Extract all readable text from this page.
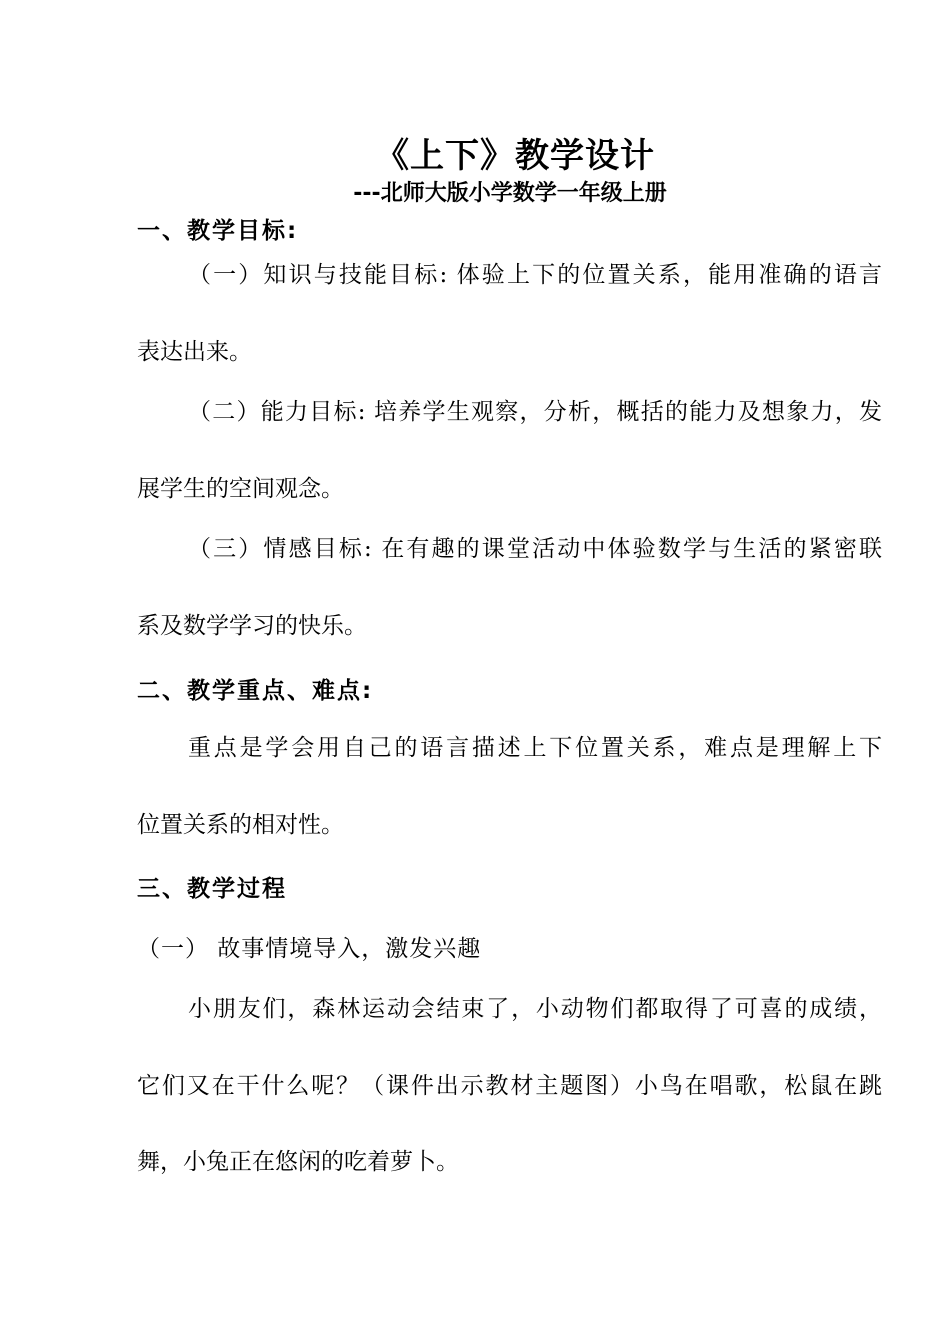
《上下》教学设计
---北师大版小学数学一年级上册
一、教学目标:
（一）知识与技能目标: 体验上下的位置关系，能用准确的语言
表达出来。
（二）能力目标: 培养学生观察，分析，概括的能力及想象力，发
展学生的空间观念。
（三）情感目标: 在有趣的课堂活动中体验数学与生活的紧密联
系及数学学习的快乐。
二、教学重点、难点:
重点是学会用自己的语言描述上下位置关系，难点是理解上下
位置关系的相对性。
三、教学过程
（一） 故事情境导入，激发兴趣
小朋友们，森林运动会结束了，小动物们都取得了可喜的成绩，
它们又在干什么呢？（课件出示教材主题图）小鸟在唱歌，松鼠在跳
舞，小兔正在悠闲的吃着萝卜。
